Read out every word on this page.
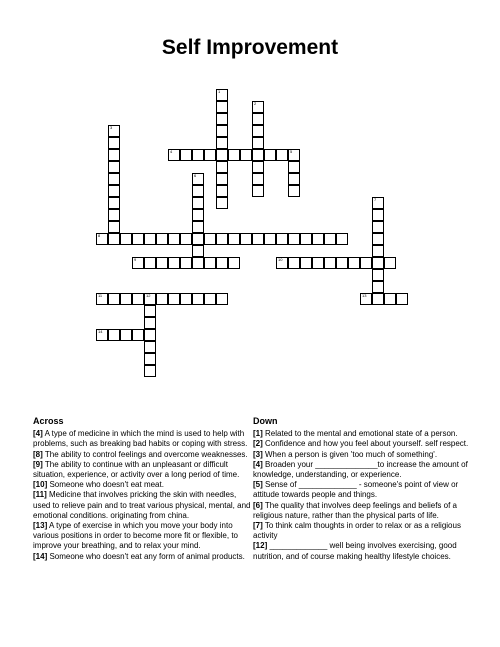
Self Improvement
1
2
3
4	5
6
7
8
9	10
11	12	13
14
Across
[4] A type of medicine in which the mind is used to help with problems, such as breaking bad habits or coping with stress.
[8] The ability to control feelings and overcome weaknesses.
[9] The ability to continue with an unpleasant or difficult situation, experience, or activity over a long period of time.
[10] Someone who doesn't eat meat.
[11] Medicine that involves pricking the skin with needles, used to relieve pain and to treat various physical, mental, and emotional conditions. originating from china.
[13] A type of exercise in which you move your body into various positions in order to become more fit or flexible, to improve your breathing, and to relax your mind.
[14] Someone who doesn't eat any form of animal products.
Down
[1] Related to the mental and emotional state of a person.
[2] Confidence and how you feel about yourself. self respect.
[3] When a person is given 'too much of something'.
[4] Broaden your ______________to increase the amount of knowledge, understanding, or experience.
[5] Sense of _____________ - someone's point of view or attitude towards people and things.
[6] The quality that involves deep feelings and beliefs of a religious nature, rather than the physical parts of life.
[7] To think calm thoughts in order to relax or as a religious activity
[12] _____________ well being involves exercising, good nutrition, and of course making healthy lifestyle choices.
